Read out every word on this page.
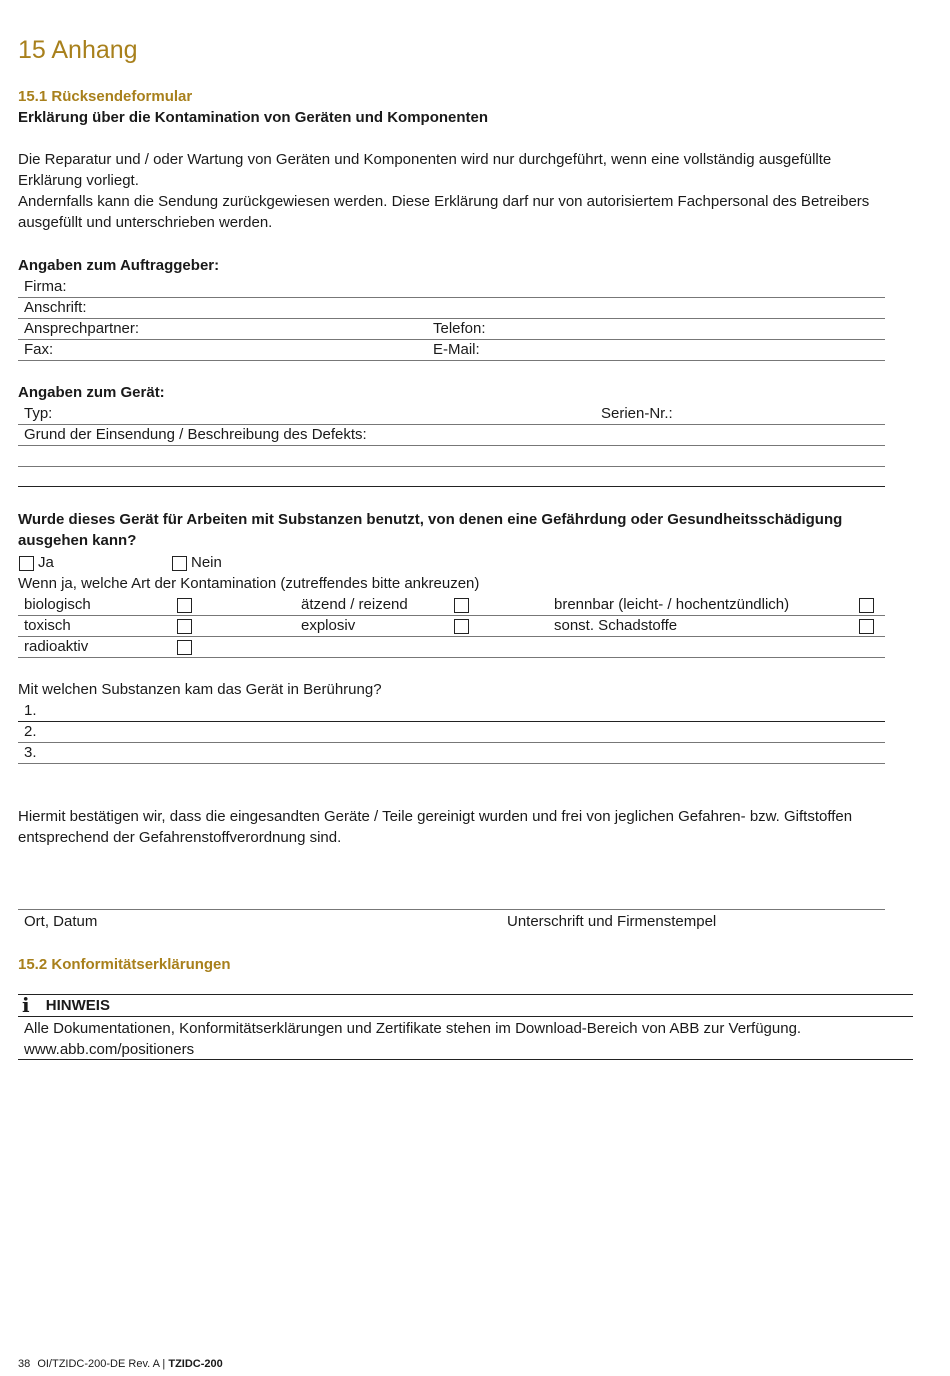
15 Anhang
15.1 Rücksendeformular
Erklärung über die Kontamination von Geräten und Komponenten
Die Reparatur und / oder Wartung von Geräten und Komponenten wird nur durchgeführt, wenn eine vollständig ausgefüllte
Erklärung vorliegt.
Andernfalls kann die Sendung zurückgewiesen werden. Diese Erklärung darf nur von autorisiertem Fachpersonal des Betreibers
ausgefüllt und unterschrieben werden.
Angaben zum Auftraggeber:
Firma:
Anschrift:
Ansprechpartner:	Telefon:
Fax:	E-Mail:
Angaben zum Gerät:
Typ:	Serien-Nr.:
Grund der Einsendung / Beschreibung des Defekts:
Wurde dieses Gerät für Arbeiten mit Substanzen benutzt, von denen eine Gefährdung oder Gesundheitsschädigung
ausgehen kann?
Ja	Nein
Wenn ja, welche Art der Kontamination (zutreffendes bitte ankreuzen)
biologisch	ätzend / reizend	brennbar (leicht- / hochentzündlich)
toxisch	explosiv	sonst. Schadstoffe
radioaktiv
Mit welchen Substanzen kam das Gerät in Berührung?
1.
2.
3.
Hiermit bestätigen wir, dass die eingesandten Geräte / Teile gereinigt wurden und frei von jeglichen Gefahren- bzw. Giftstoffen
entsprechend der Gefahrenstoffverordnung sind.
Ort, Datum	Unterschrift und Firmenstempel
15.2 Konformitätserklärungen
i HINWEIS
Alle Dokumentationen, Konformitätserklärungen und Zertifikate stehen im Download-Bereich von ABB zur Verfügung.
www.abb.com/positioners
38 OI/TZIDC-200-DE Rev. A | TZIDC-200
